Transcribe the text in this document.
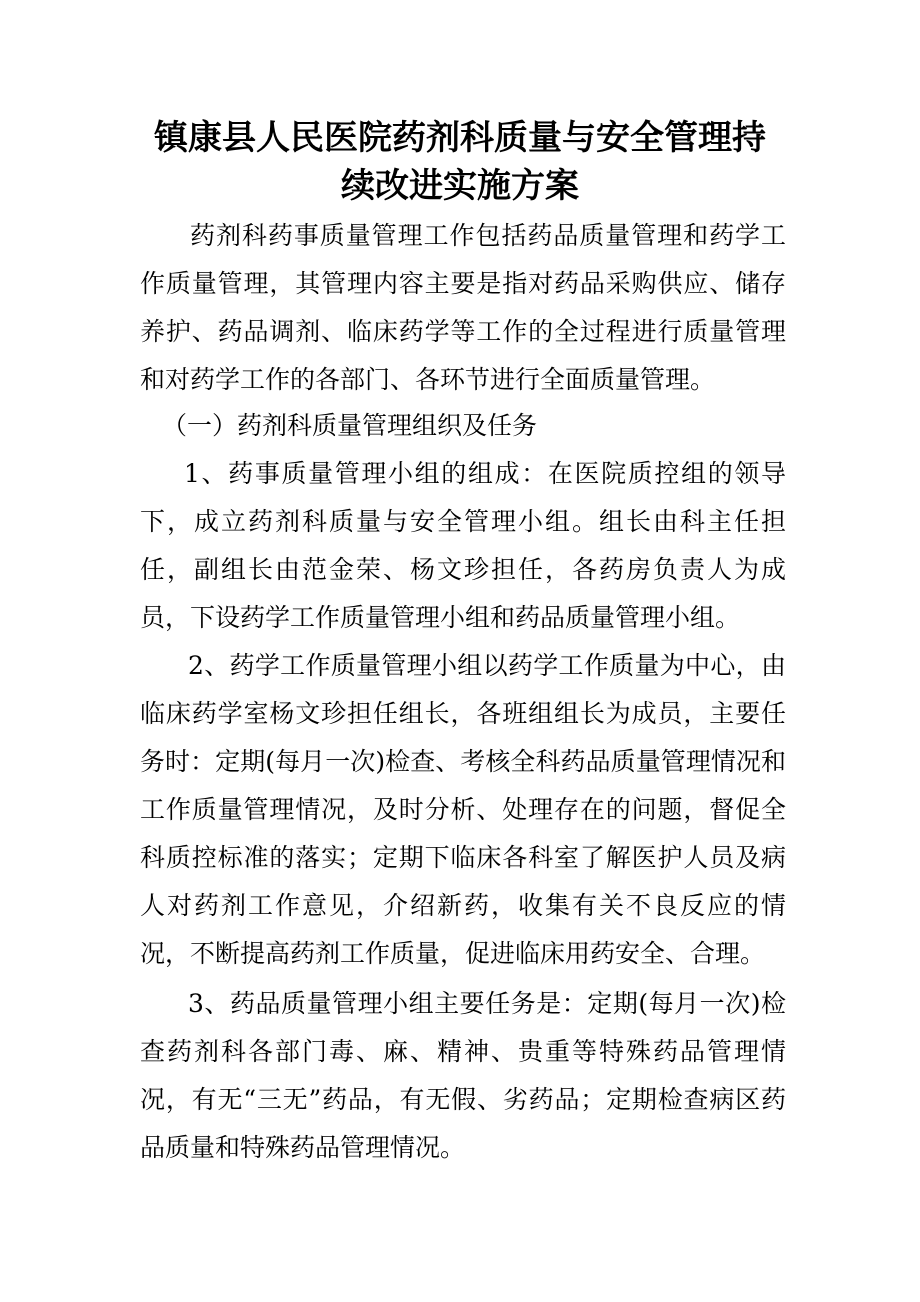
镇康县人民医院药剂科质量与安全管理持
续改进实施方案

药剂科药事质量管理工作包括药品质量管理和药学工作质量管理，其管理内容主要是指对药品采购供应、储存养护、药品调剂、临床药学等工作的全过程进行质量管理和对药学工作的各部门、各环节进行全面质量管理。

（一）药剂科质量管理组织及任务

1、药事质量管理小组的组成：在医院质控组的领导下，成立药剂科质量与安全管理小组。组长由科主任担任，副组长由范金荣、杨文珍担任，各药房负责人为成员，下设药学工作质量管理小组和药品质量管理小组。

2、药学工作质量管理小组以药学工作质量为中心，由临床药学室杨文珍担任组长，各班组组长为成员，主要任务时：定期(每月一次)检查、考核全科药品质量管理情况和工作质量管理情况，及时分析、处理存在的问题，督促全科质控标准的落实；定期下临床各科室了解医护人员及病人对药剂工作意见，介绍新药，收集有关不良反应的情况，不断提高药剂工作质量，促进临床用药安全、合理。

3、药品质量管理小组主要任务是：定期(每月一次)检查药剂科各部门毒、麻、精神、贵重等特殊药品管理情况，有无“三无”药品，有无假、劣药品；定期检查病区药品质量和特殊药品管理情况。
